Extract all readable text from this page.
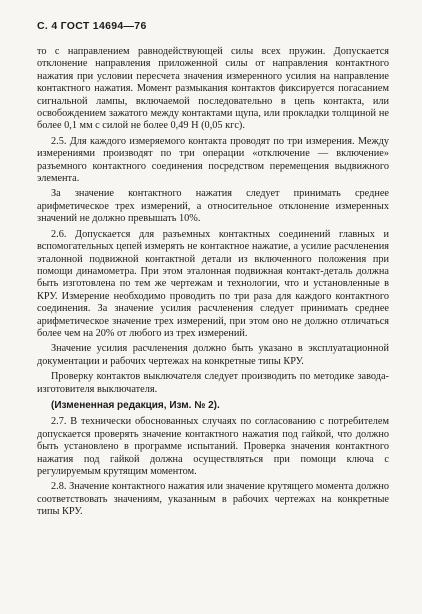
С. 4 ГОСТ 14694—76

то с направлением равнодействующей силы всех пружин. Допускается отклонение направления приложенной силы от направления контактного нажатия при условии пересчета значения измеренного усилия на направление контактного нажатия. Момент размыкания контактов фиксируется погасанием сигнальной лампы, включаемой последовательно в цепь контакта, или освобождением зажатого между контактами щупа, или прокладки толщиной не более 0,1 мм с силой не более 0,49 Н (0,05 кгс).

2.5. Для каждого измеряемого контакта проводят по три измерения. Между измерениями производят по три операции «отключение — включение» разъемного контактного соединения посредством перемещения выдвижного элемента.

За значение контактного нажатия следует принимать среднее арифметическое трех измерений, а относительное отклонение измеренных значений не должно превышать 10%.

2.6. Допускается для разъемных контактных соединений главных и вспомогательных цепей измерять не контактное нажатие, а усилие расчленения эталонной подвижной контактной детали из включенного положения при помощи динамометра. При этом эталонная подвижная контакт-деталь должна быть изготовлена по тем же чертежам и технологии, что и установленные в КРУ. Измерение необходимо проводить по три раза для каждого контактного соединения. За значение усилия расчленения следует принимать среднее арифметическое значение трех измерений, при этом оно не должно отличаться более чем на 20% от любого из трех измерений.

Значение усилия расчленения должно быть указано в эксплуатационной документации и рабочих чертежах на конкретные типы КРУ.

Проверку контактов выключателя следует производить по методике завода-изготовителя выключателя.

(Измененная редакция, Изм. № 2).

2.7. В технически обоснованных случаях по согласованию с потребителем допускается проверять значение контактного нажатия под гайкой, что должно быть установлено в программе испытаний. Проверка значения контактного нажатия под гайкой должна осуществляться при помощи ключа с регулируемым крутящим моментом.

2.8. Значение контактного нажатия или значение крутящего момента должно соответствовать значениям, указанным в рабочих чертежах на конкретные типы КРУ.
